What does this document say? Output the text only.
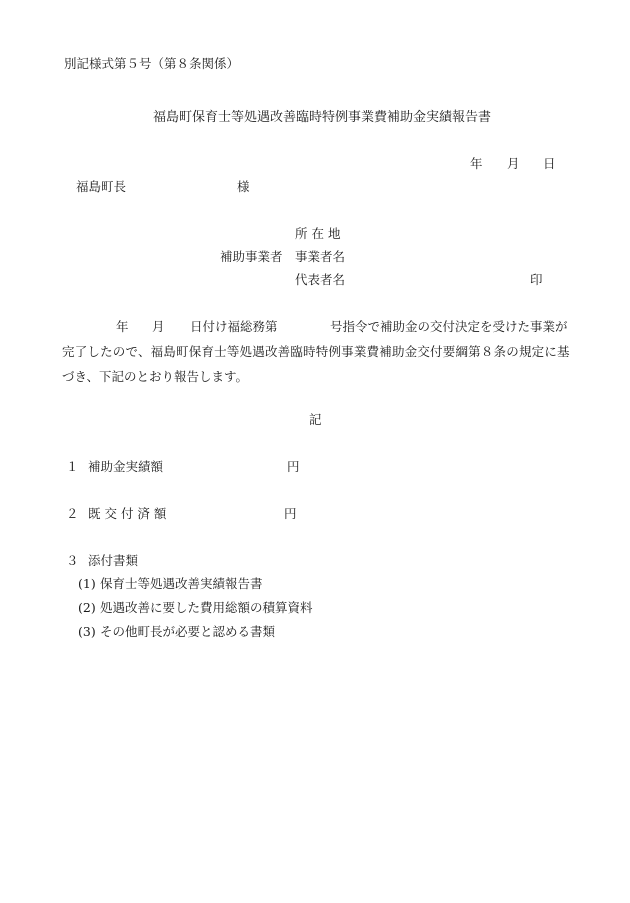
別記様式第５号（第８条関係）
福島町保育士等処遇改善臨時特例事業費補助金実績報告書
年 月 日
福島町長	様
所 在 地
補助事業者 事業者名
代表者名	印
年 月 日付け福総務第	号指令で補助金の交付決定を受けた事業が
完了したので、福島町保育士等処遇改善臨時特例事業費補助金交付要綱第８条の規定に基
づき、下記のとおり報告します。
記
１ 補助金実績額	円
２ 既 交 付 済 額	円
３ 添付書類
(1) 保育士等処遇改善実績報告書
(2) 処遇改善に要した費用総額の積算資料
(3) その他町長が必要と認める書類
